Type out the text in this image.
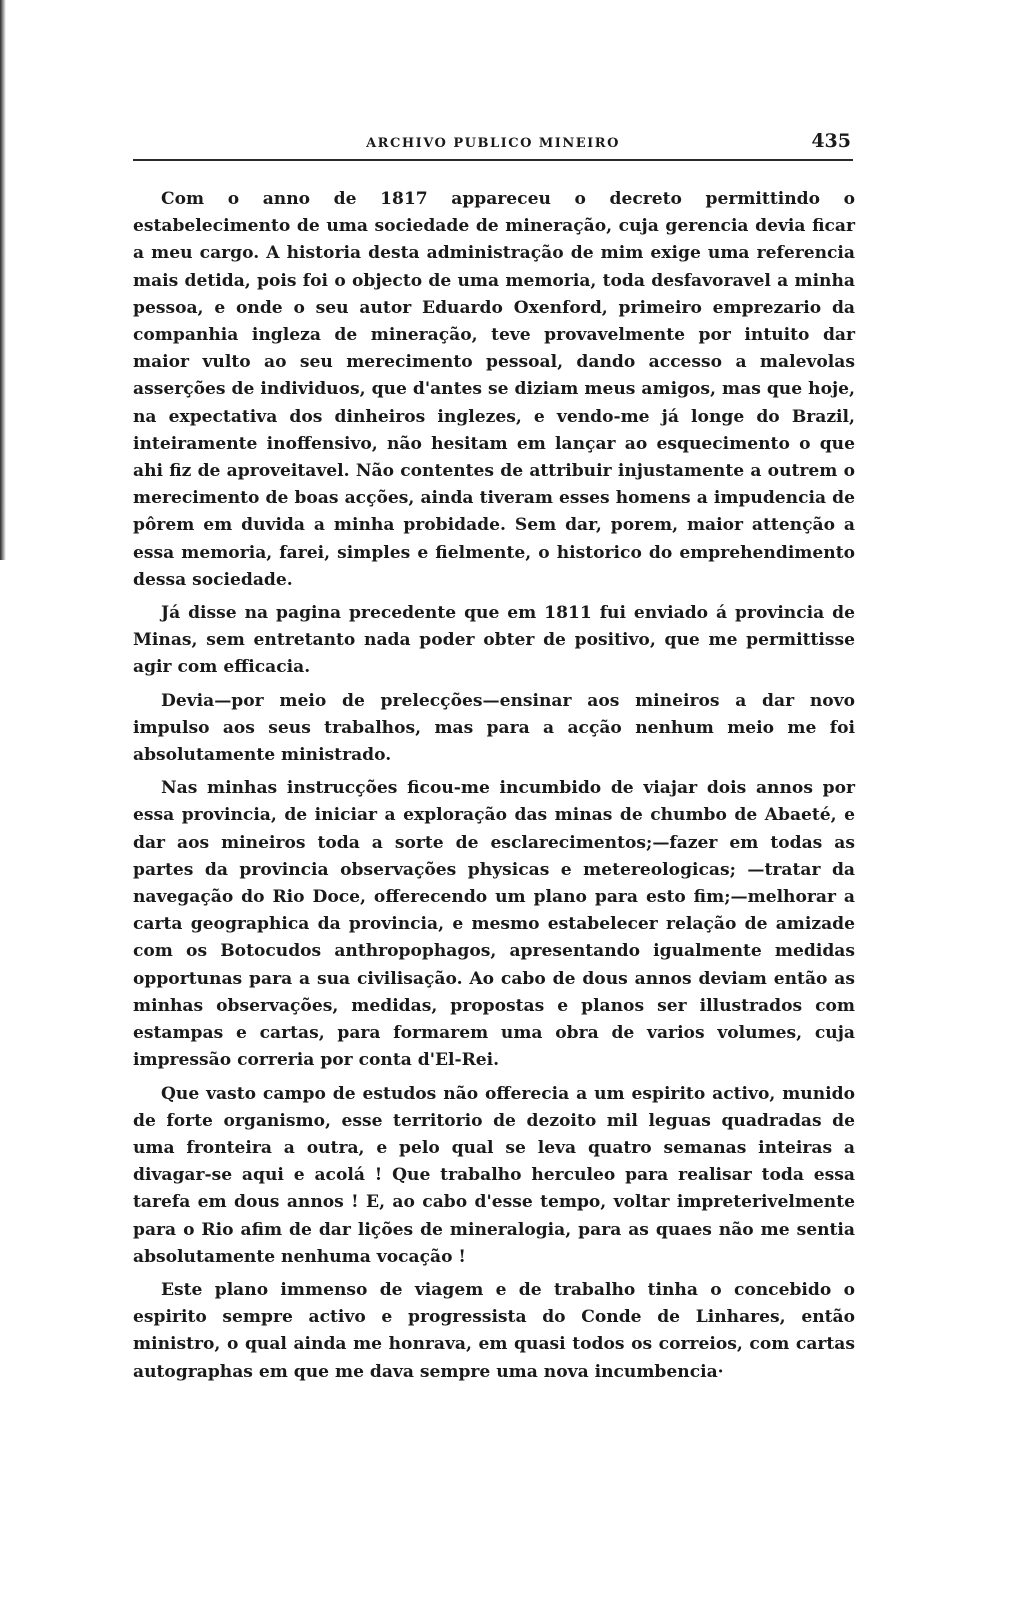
ARCHIVO PUBLICO MINEIRO	435

Com o anno de 1817 appareceu o decreto permittindo o estabelecimento de uma sociedade de mineração, cuja gerencia devia ficar a meu cargo. A historia desta administração de mim exige uma referencia mais detida, pois foi o objecto de uma memoria, toda desfavoravel a minha pessoa, e onde o seu autor Eduardo Oxenford, primeiro emprezario da companhia ingleza de mineração, teve provavelmente por intuito dar maior vulto ao seu merecimento pessoal, dando accesso a malevolas asserções de individuos, que d'antes se diziam meus amigos, mas que hoje, na expectativa dos dinheiros inglezes, e vendo-me já longe do Brazil, inteiramente inoffensivo, não hesitam em lançar ao esquecimento o que ahi fiz de aproveitavel. Não contentes de attribuir injustamente a outrem o merecimento de boas acções, ainda tiveram esses homens a impudencia de pôrem em duvida a minha probidade. Sem dar, porem, maior attenção a essa memoria, farei, simples e fielmente, o historico do emprehendimento dessa sociedade.

Já disse na pagina precedente que em 1811 fui enviado á provincia de Minas, sem entretanto nada poder obter de positivo, que me permittisse agir com efficacia.

Devia—por meio de prelecções—ensinar aos mineiros a dar novo impulso aos seus trabalhos, mas para a acção nenhum meio me foi absolutamente ministrado.

Nas minhas instrucções ficou-me incumbido de viajar dois annos por essa provincia, de iniciar a exploração das minas de chumbo de Abaeté, e dar aos mineiros toda a sorte de esclarecimentos;—fazer em todas as partes da provincia observações physicas e metereologicas; —tratar da navegação do Rio Doce, offerecendo um plano para esto fim;—melhorar a carta geographica da provincia, e mesmo estabelecer relação de amizade com os Botocudos anthropophagos, apresentando igualmente medidas opportunas para a sua civilisação. Ao cabo de dous annos deviam então as minhas observações, medidas, propostas e planos ser illustrados com estampas e cartas, para formarem uma obra de varios volumes, cuja impressão correria por conta d'El-Rei.

Que vasto campo de estudos não offerecia a um espirito activo, munido de forte organismo, esse territorio de dezoito mil leguas quadradas de uma fronteira a outra, e pelo qual se leva quatro semanas inteiras a divagar-se aqui e acolá ! Que trabalho herculeo para realisar toda essa tarefa em dous annos ! E, ao cabo d'esse tempo, voltar impreterivelmente para o Rio afim de dar lições de mineralogia, para as quaes não me sentia absolutamente nenhuma vocação !

Este plano immenso de viagem e de trabalho tinha o concebido o espirito sempre activo e progressista do Conde de Linhares, então ministro, o qual ainda me honrava, em quasi todos os correios, com cartas autographas em que me dava sempre uma nova incumbencia·
